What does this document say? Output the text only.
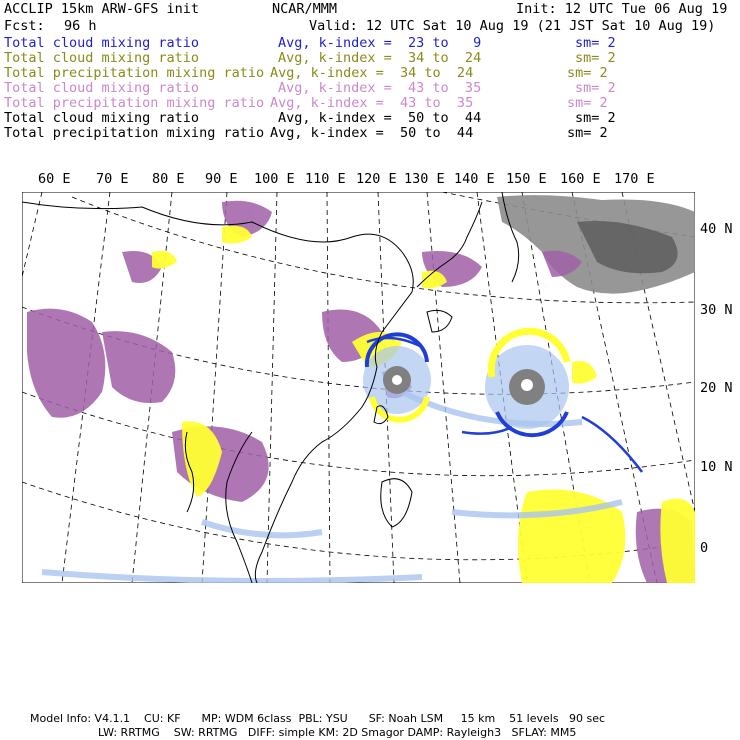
ACCLIP 15km ARW-GFS init	NCAR/MMM	Init: 12 UTC Tue 06 Aug 19
Fcst: 96 h	Valid: 12 UTC Sat 10 Aug 19 (21 JST Sat 10 Aug 19)
Total cloud mixing ratio	Avg, k-index =  23 to   9	sm= 2
Total cloud mixing ratio	Avg, k-index =  34 to  24	sm= 2
Total precipitation mixing ratio Avg, k-index =  34 to  24	sm= 2
Total cloud mixing ratio	Avg, k-index =  43 to  35	sm= 2
Total precipitation mixing ratio Avg, k-index =  43 to  35	sm= 2
Total cloud mixing ratio	Avg, k-index =  50 to  44	sm= 2
Total precipitation mixing ratio Avg, k-index =  50 to  44	sm= 2
60 E 70 E 80 E 90 E 100 E 110 E 120 E 130 E 140 E 150 E 160 E 170 E
40 N
30 N
20 N
10 N
0
Model Info: V4.1.1    CU: KF      MP: WDM 6class  PBL: YSU      SF: Noah LSM     15 km    51 levels   90 sec
LW: RRTMG    SW: RRTMG   DIFF: simple KM: 2D Smagor DAMP: Rayleigh3   SFLAY: MM5
